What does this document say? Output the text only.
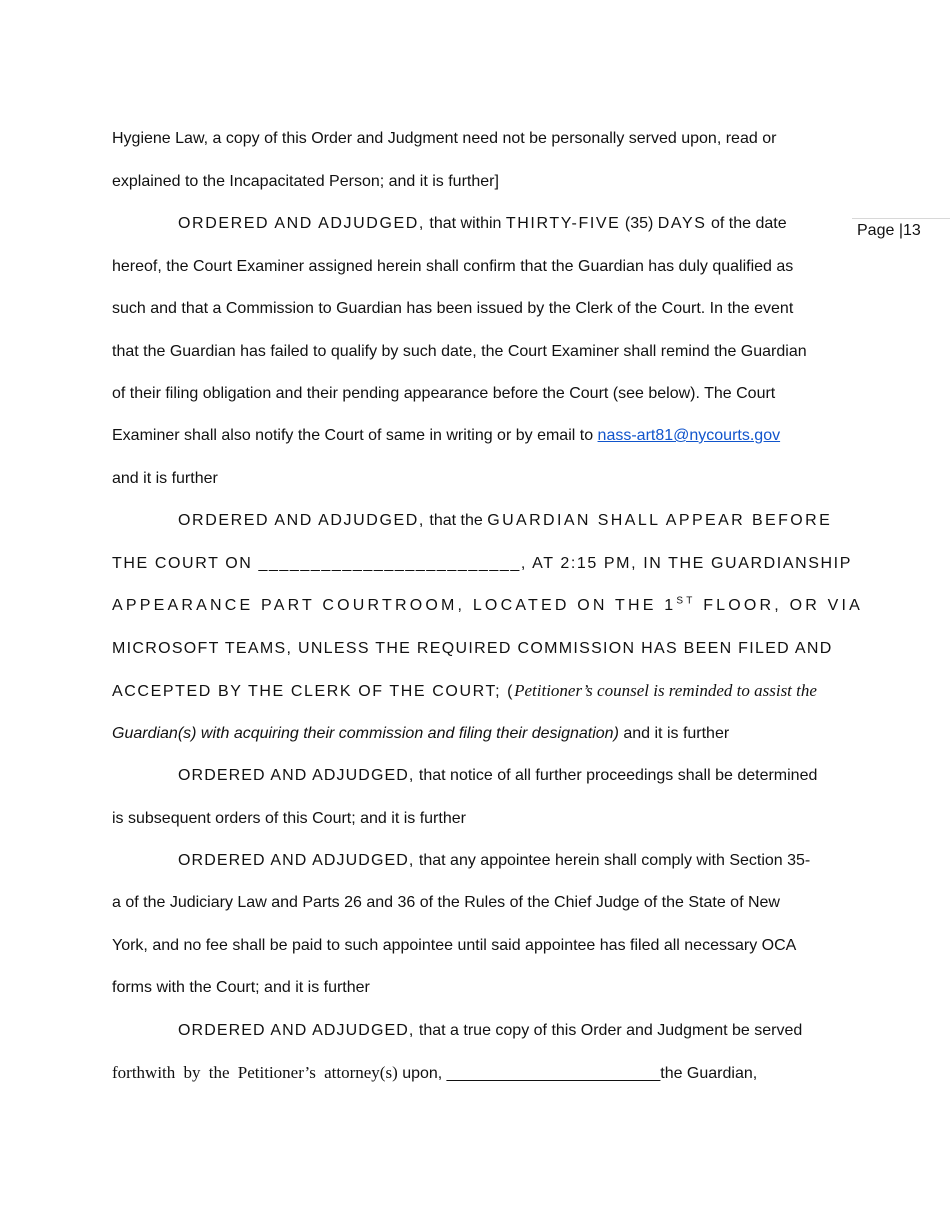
Page |13
Hygiene Law, a copy of this Order and Judgment need not be personally served upon, read or
explained to the Incapacitated Person; and it is further]
ORDERED AND ADJUDGED, that within THIRTY-FIVE (35) DAYS of the date
hereof, the Court Examiner assigned herein shall confirm that the Guardian has duly qualified as
such and that a Commission to Guardian has been issued by the Clerk of the Court. In the event
that the Guardian has failed to qualify by such date, the Court Examiner shall remind the Guardian
of their filing obligation and their pending appearance before the Court (see below). The Court
Examiner shall also notify the Court of same in writing or by email to nass-art81@nycourts.gov
and it is further
ORDERED AND ADJUDGED, that the GUARDIAN SHALL APPEAR BEFORE
THE COURT ON _________________________, AT 2:15 PM, IN THE GUARDIANSHIP
APPEARANCE PART COURTROOM, LOCATED ON THE 1ST FLOOR, OR VIA
MICROSOFT TEAMS, UNLESS THE REQUIRED COMMISSION HAS BEEN FILED AND
ACCEPTED BY THE CLERK OF THE COURT; (Petitioner’s counsel is reminded to assist the
Guardian(s) with acquiring their commission and filing their designation) and it is further
ORDERED AND ADJUDGED, that notice of all further proceedings shall be determined
is subsequent orders of this Court; and it is further
ORDERED AND ADJUDGED, that any appointee herein shall comply with Section 35-
a of the Judiciary Law and Parts 26 and 36 of the Rules of the Chief Judge of the State of New
York, and no fee shall be paid to such appointee until said appointee has filed all necessary OCA
forms with the Court; and it is further
ORDERED AND ADJUDGED, that a true copy of this Order and Judgment be served
forthwith by the Petitioner’s attorney(s) upon, ________________________the Guardian,
